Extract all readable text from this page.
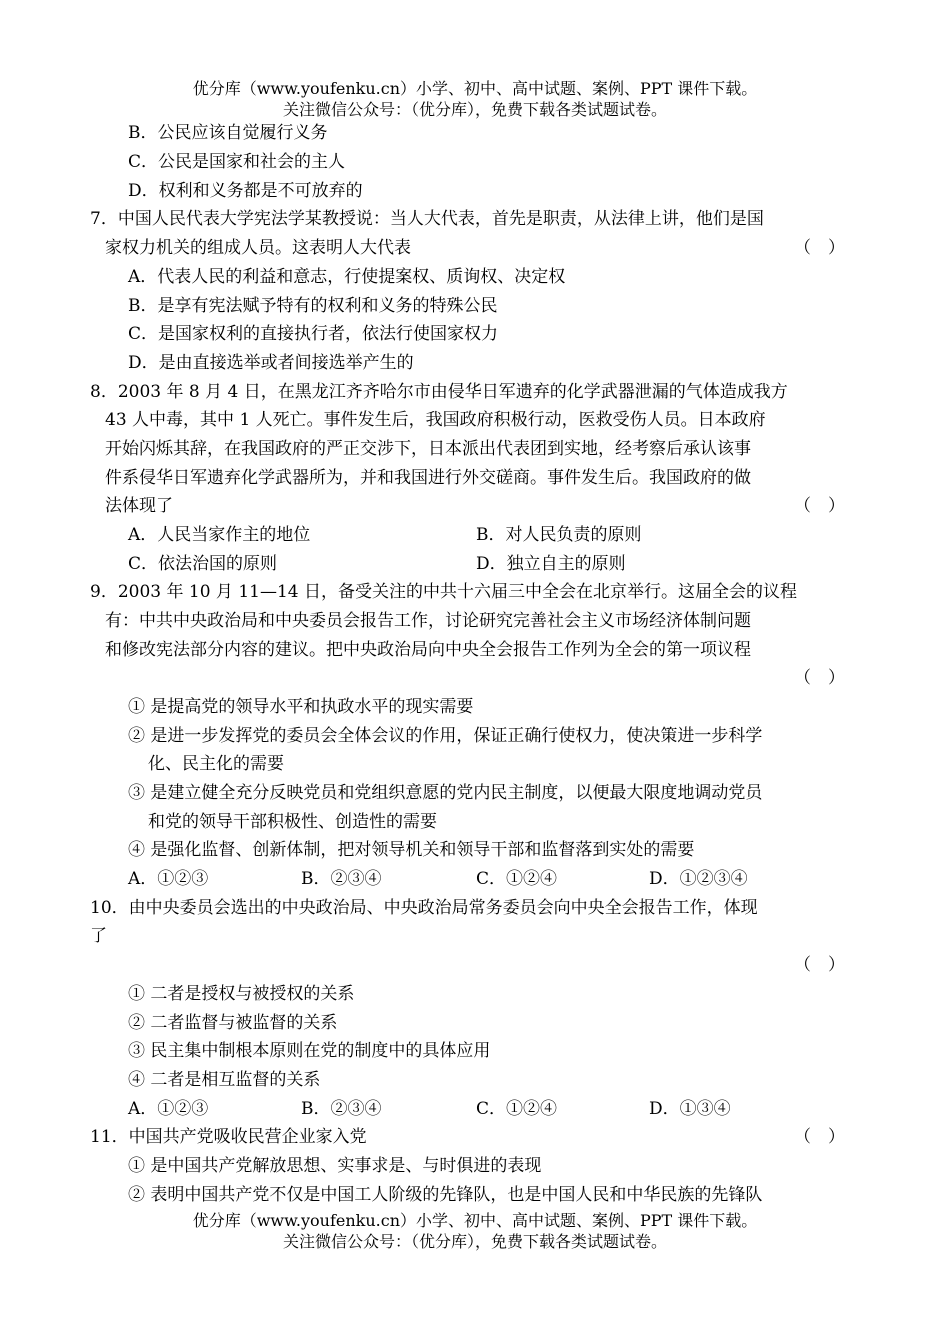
优分库（www.youfenku.cn）小学、初中、高中试题、案例、PPT 课件下载。
关注微信公众号：（优分库），免费下载各类试题试卷。
B．公民应该自觉履行义务
C．公民是国家和社会的主人
D．权利和义务都是不可放弃的
7．中国人民代表大学宪法学某教授说：当人大代表，首先是职责，从法律上讲，他们是国
家权力机关的组成人员。这表明人大代表	（　）
A．代表人民的利益和意志，行使提案权、质询权、决定权
B．是享有宪法赋予特有的权利和义务的特殊公民
C．是国家权利的直接执行者，依法行使国家权力
D．是由直接选举或者间接选举产生的
8．2003 年 8 月 4 日，在黑龙江齐齐哈尔市由侵华日军遗弃的化学武器泄漏的气体造成我方
43 人中毒，其中 1 人死亡。事件发生后，我国政府积极行动，医救受伤人员。日本政府
开始闪烁其辞，在我国政府的严正交涉下，日本派出代表团到实地，经考察后承认该事
件系侵华日军遗弃化学武器所为，并和我国进行外交磋商。事件发生后。我国政府的做
法体现了	（　）
A．人民当家作主的地位	B．对人民负责的原则
C．依法治国的原则	D．独立自主的原则
9．2003 年 10 月 11—14 日，备受关注的中共十六届三中全会在北京举行。这届全会的议程
有：中共中央政治局和中央委员会报告工作，讨论研究完善社会主义市场经济体制问题
和修改宪法部分内容的建议。把中央政治局向中央全会报告工作列为全会的第一项议程
（　）
① 是提高党的领导水平和执政水平的现实需要
② 是进一步发挥党的委员会全体会议的作用，保证正确行使权力，使决策进一步科学
化、民主化的需要
③ 是建立健全充分反映党员和党组织意愿的党内民主制度，以便最大限度地调动党员
和党的领导干部积极性、创造性的需要
④ 是强化监督、创新体制，把对领导机关和领导干部和监督落到实处的需要
A．①②③	B．②③④	C．①②④	D．①②③④
10．由中央委员会选出的中央政治局、中央政治局常务委员会向中央全会报告工作，体现
了
（　）
① 二者是授权与被授权的关系
② 二者监督与被监督的关系
③ 民主集中制根本原则在党的制度中的具体应用
④ 二者是相互监督的关系
A．①②③	B．②③④	C．①②④	D．①③④
11．中国共产党吸收民营企业家入党	（　）
① 是中国共产党解放思想、实事求是、与时俱进的表现
② 表明中国共产党不仅是中国工人阶级的先锋队，也是中国人民和中华民族的先锋队
优分库（www.youfenku.cn）小学、初中、高中试题、案例、PPT 课件下载。
关注微信公众号：（优分库），免费下载各类试题试卷。
